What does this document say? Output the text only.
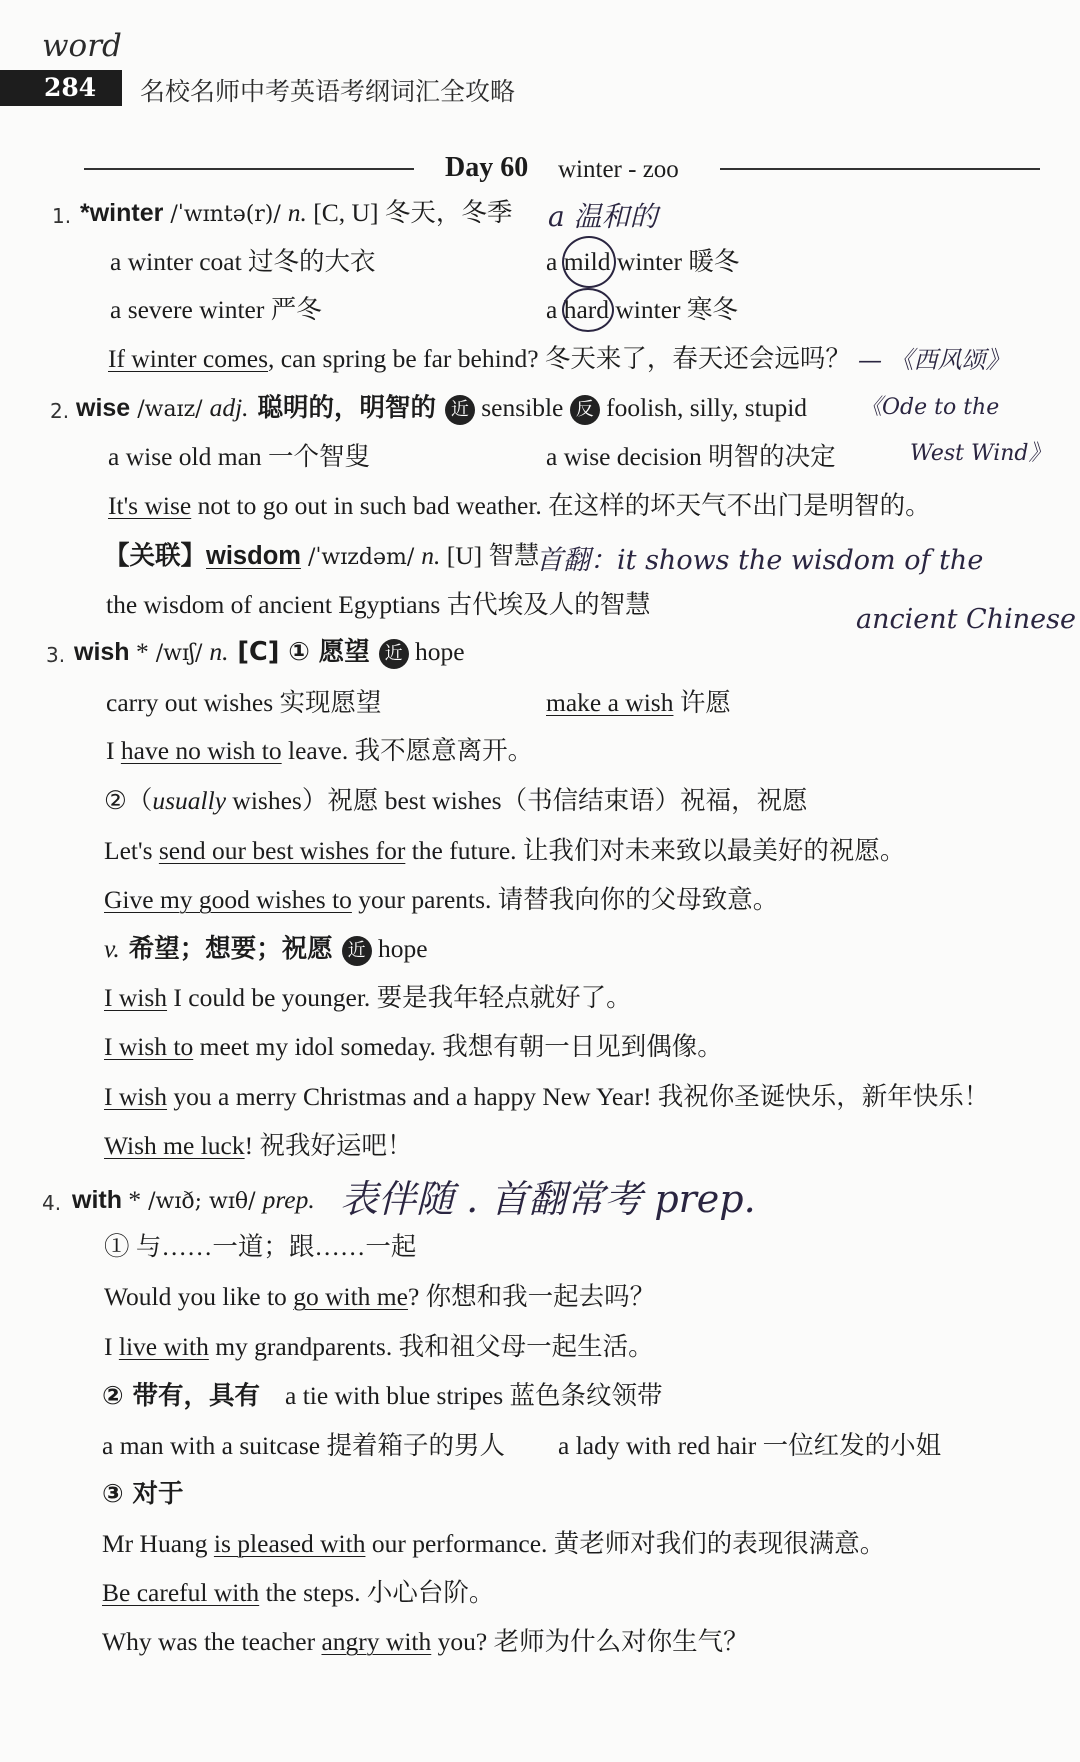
word
284 名校名师中考英语考纲词汇全攻略
Day 60 winter - zoo
1. *winter /ˈwɪntə(r)/ n. [C, U] 冬天，冬季 a 温和的
a winter coat 过冬的大衣	a mild winter 暖冬
a severe winter 严冬	a hard winter 寒冬
If winter comes, can spring be far behind? 冬天来了，春天还会远吗？ — 《西风颂》
2. wise /waɪz/ adj. 聪明的，明智的 近 sensible 反 foolish, silly, stupid 《Ode to the
West Wind》
a wise old man 一个智叟	a wise decision 明智的决定
It's wise not to go out in such bad weather. 在这样的坏天气不出门是明智的。
【关联】wisdom /ˈwɪzdəm/ n. [U] 智慧
首翻：it shows the wisdom of the
the wisdom of ancient Egyptians 古代埃及人的智慧	ancient Chinese
3. wish * /wɪʃ/ n. [C] ① 愿望 近 hope
carry out wishes 实现愿望	make a wish 许愿
I have no wish to leave. 我不愿意离开。
②（usually wishes）祝愿 best wishes（书信结束语）祝福，祝愿
Let's send our best wishes for the future. 让我们对未来致以最美好的祝愿。
Give my good wishes to your parents. 请替我向你的父母致意。
v. 希望；想要；祝愿 近 hope
I wish I could be younger. 要是我年轻点就好了。
I wish to meet my idol someday. 我想有朝一日见到偶像。
I wish you a merry Christmas and a happy New Year! 我祝你圣诞快乐，新年快乐！
Wish me luck! 祝我好运吧！
4. with * /wɪð; wɪθ/ prep. 表伴随 . 首翻常考 prep.
① 与……一道；跟……一起
Would you like to go with me? 你想和我一起去吗？
I live with my grandparents. 我和祖父母一起生活。
② 带有，具有 a tie with blue stripes 蓝色条纹领带
a man with a suitcase 提着箱子的男人 a lady with red hair 一位红发的小姐
③ 对于
Mr Huang is pleased with our performance. 黄老师对我们的表现很满意。
Be careful with the steps. 小心台阶。
Why was the teacher angry with you? 老师为什么对你生气？
